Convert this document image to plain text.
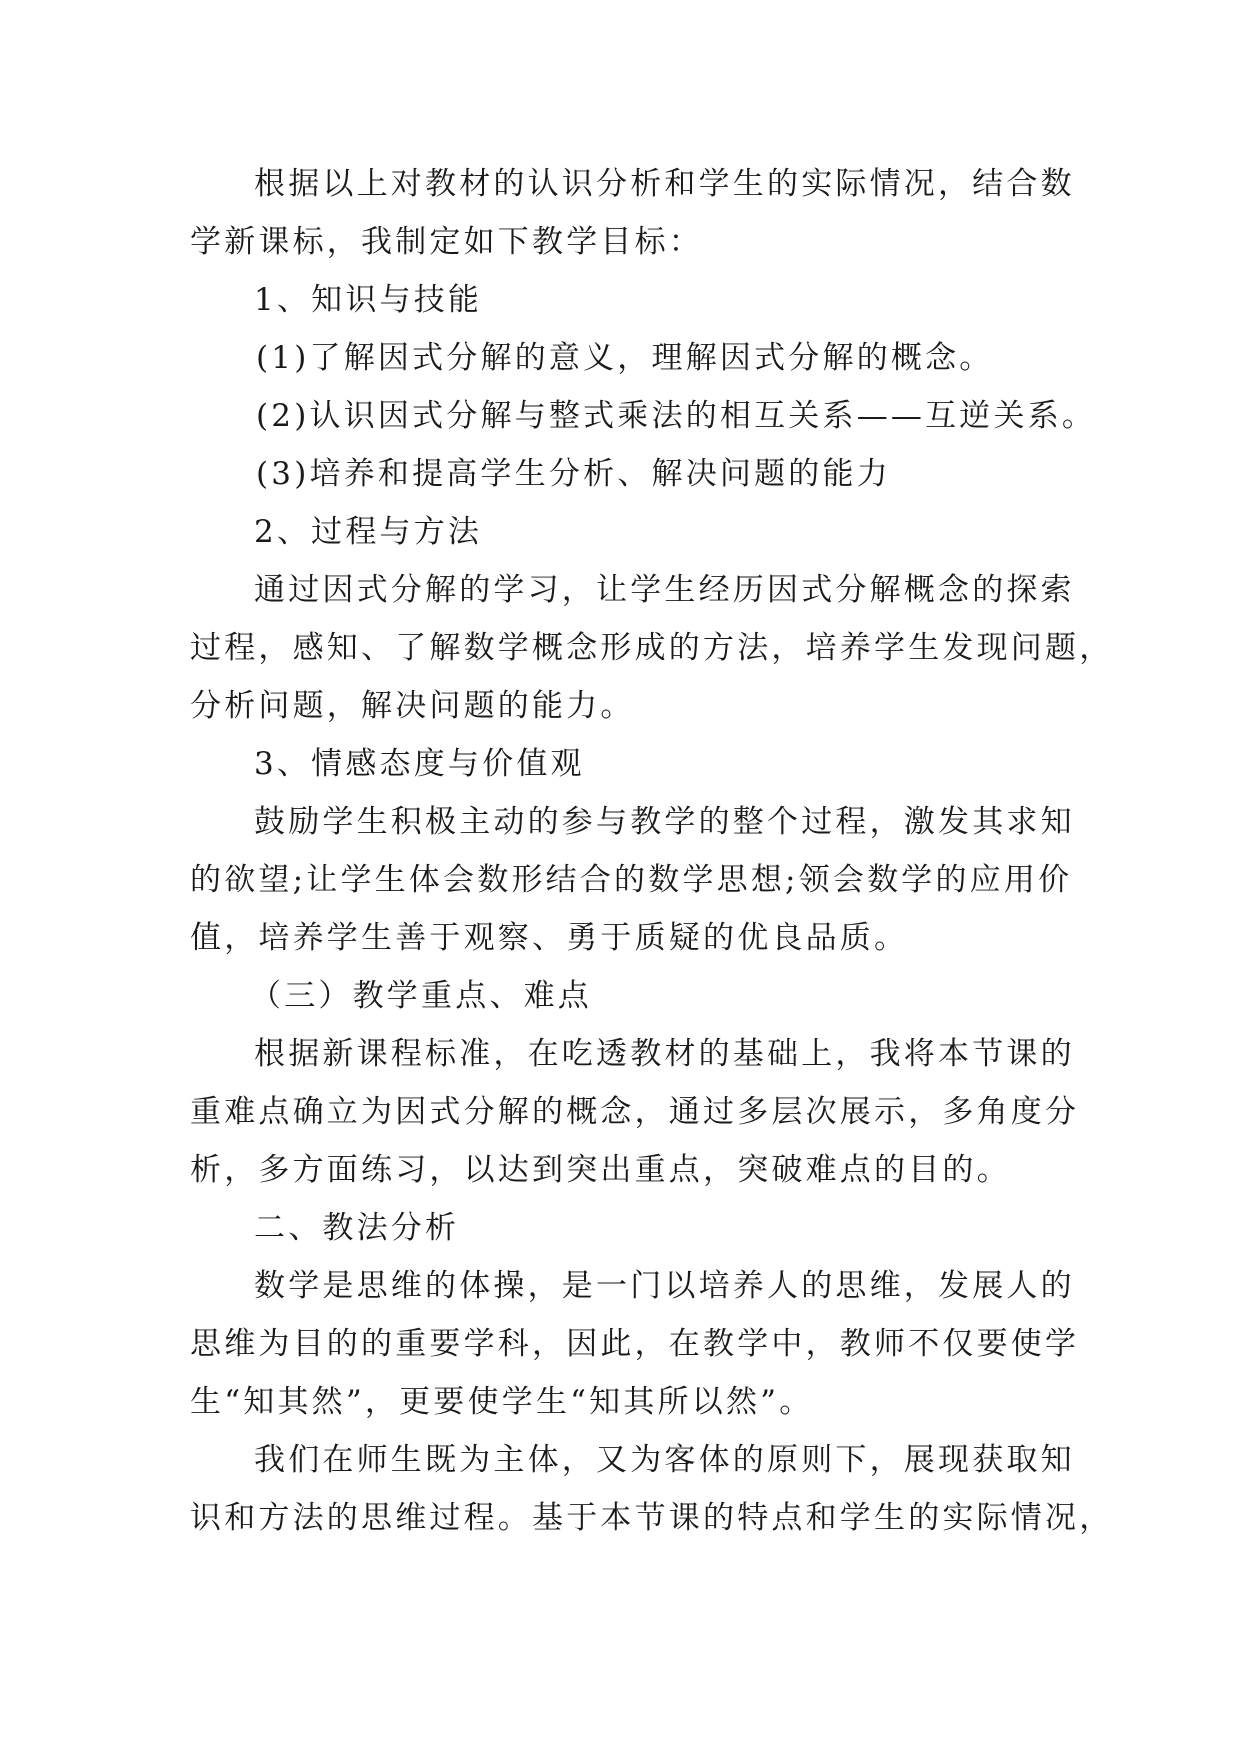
根据以上对教材的认识分析和学生的实际情况，结合数
学新课标，我制定如下教学目标：
1、知识与技能
(1)了解因式分解的意义，理解因式分解的概念。
(2)认识因式分解与整式乘法的相互关系——互逆关系。
(3)培养和提高学生分析、解决问题的能力
2、过程与方法
通过因式分解的学习，让学生经历因式分解概念的探索
过程，感知、了解数学概念形成的方法，培养学生发现问题，
分析问题，解决问题的能力。
3、情感态度与价值观
鼓励学生积极主动的参与教学的整个过程，激发其求知
的欲望;让学生体会数形结合的数学思想;领会数学的应用价
值，培养学生善于观察、勇于质疑的优良品质。
（三）教学重点、难点
根据新课程标准，在吃透教材的基础上，我将本节课的
重难点确立为因式分解的概念，通过多层次展示，多角度分
析，多方面练习，以达到突出重点，突破难点的目的。
二、教法分析
数学是思维的体操，是一门以培养人的思维，发展人的
思维为目的的重要学科，因此，在教学中，教师不仅要使学
生“知其然”，更要使学生“知其所以然”。
我们在师生既为主体，又为客体的原则下，展现获取知
识和方法的思维过程。基于本节课的特点和学生的实际情况，
